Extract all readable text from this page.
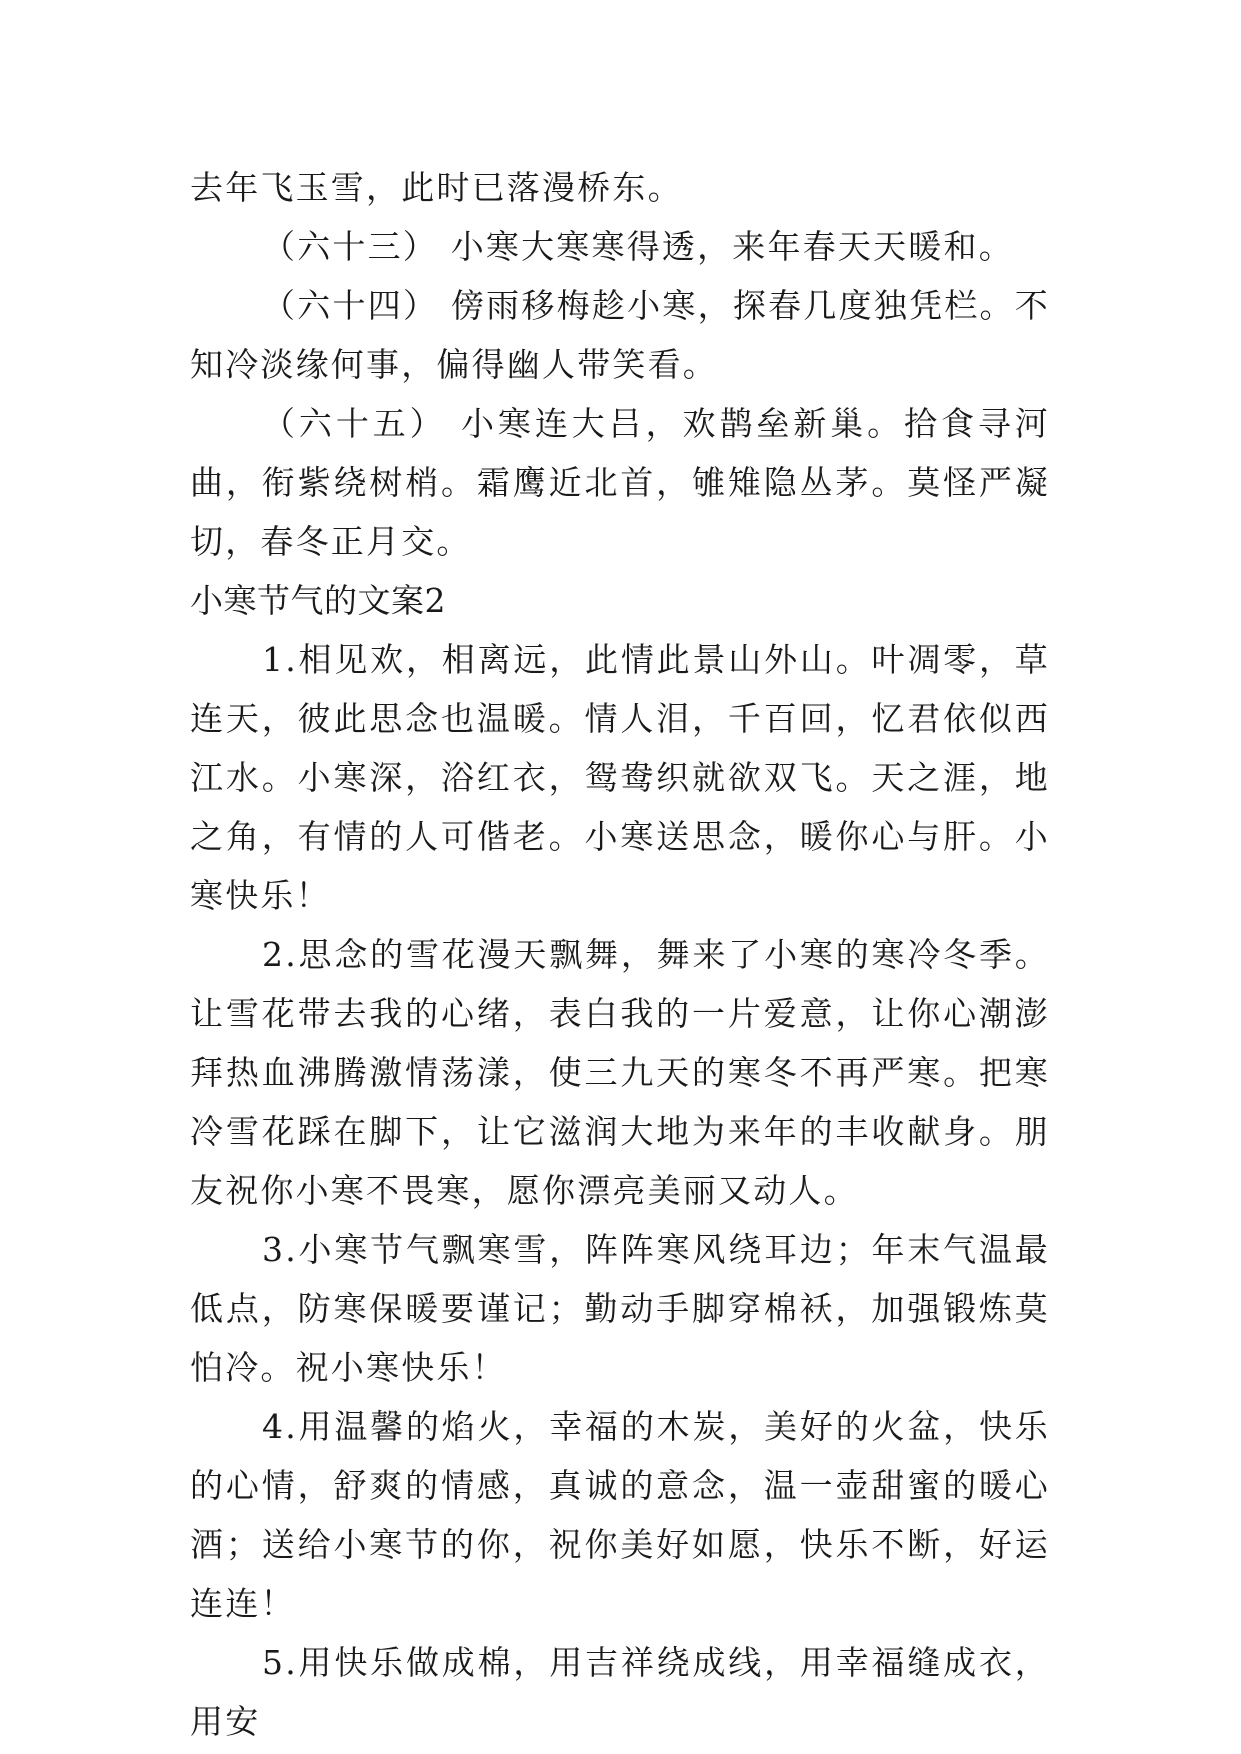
去年飞玉雪，此时已落漫桥东。

（六十三） 小寒大寒寒得透，来年春天天暖和。

（六十四） 傍雨移梅趁小寒，探春几度独凭栏。不知冷淡缘何事，偏得幽人带笑看。

（六十五） 小寒连大吕，欢鹊垒新巢。拾食寻河曲，衔紫绕树梢。霜鹰近北首，雊雉隐丛茅。莫怪严凝切，春冬正月交。

小寒节气的文案2

1.相见欢，相离远，此情此景山外山。叶凋零，草连天，彼此思念也温暖。情人泪，千百回，忆君依似西江水。小寒深，浴红衣，鸳鸯织就欲双飞。天之涯，地之角，有情的人可偕老。小寒送思念，暖你心与肝。小寒快乐！

2.思念的雪花漫天飘舞，舞来了小寒的寒冷冬季。让雪花带去我的心绪，表白我的一片爱意，让你心潮澎拜热血沸腾激情荡漾，使三九天的寒冬不再严寒。把寒冷雪花踩在脚下，让它滋润大地为来年的丰收献身。朋友祝你小寒不畏寒，愿你漂亮美丽又动人。

3.小寒节气飘寒雪，阵阵寒风绕耳边；年末气温最低点，防寒保暖要谨记；勤动手脚穿棉袄，加强锻炼莫怕冷。祝小寒快乐！

4.用温馨的焰火，幸福的木炭，美好的火盆，快乐的心情，舒爽的情感，真诚的意念，温一壶甜蜜的暖心酒；送给小寒节的你，祝你美好如愿，快乐不断，好运连连！

5.用快乐做成棉，用吉祥绕成线，用幸福缝成衣，用安
